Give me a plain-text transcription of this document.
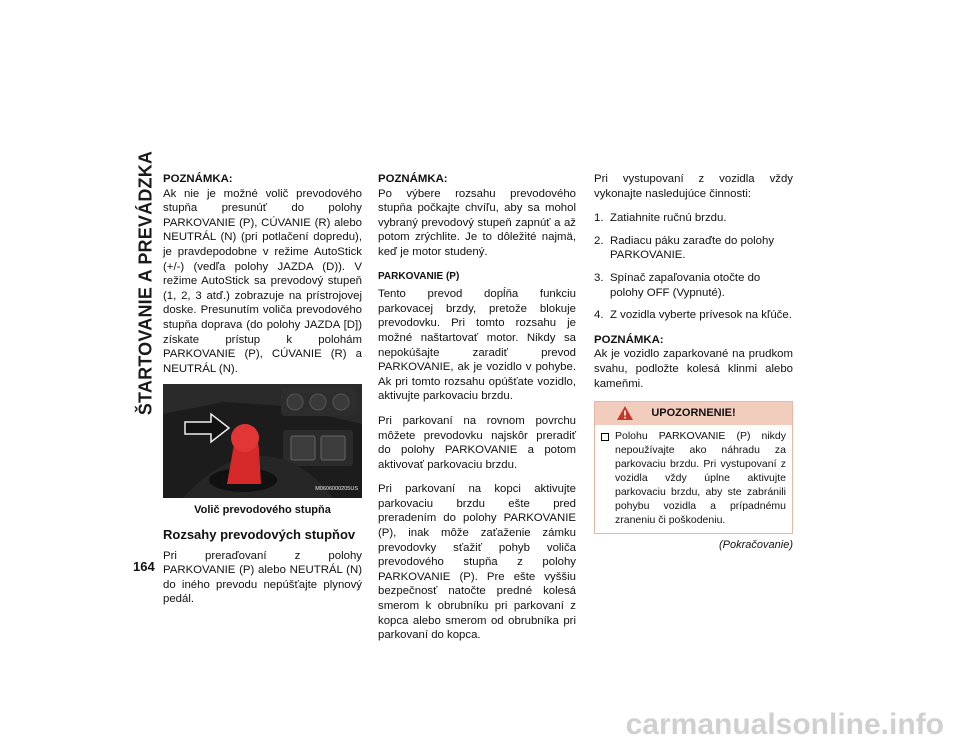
ŠTARTOVANIE A PREVÁDZKA POZNÁMKA:

Ak nie je možné volič prevodového stupňa presunúť do polohy PARKOVANIE (P), CÚVANIE (R) alebo NEUTRÁL (N) (pri potlačení dopredu), je pravdepodobne v režime AutoStick (+/-) (vedľa polohy JAZDA (D)). V režime AutoStick sa prevodový stupeň (1, 2, 3 atď.) zobrazuje na prístrojovej doske. Presunutím voliča prevodového stupňa doprava (do polohy JAZDA [D]) získate prístup k polohám PARKOVANIE (P), CÚVANIE (R) a NEUTRÁL (N).

M0606000205US

Volič prevodového stupňa

Rozsahy prevodových stupňov

Pri preraďovaní z polohy PARKOVANIE (P) alebo NEUTRÁL (N) do iného prevodu nepúšťajte plynový pedál.

POZNÁMKA:

Po výbere rozsahu prevodového stupňa počkajte chvíľu, aby sa mohol vybraný prevodový stupeň zapnúť a až potom zrýchlite. Je to dôležité najmä, keď je motor studený.

PARKOVANIE (P)

Tento prevod dopĺňa funkciu parkovacej brzdy, pretože blokuje prevodovku. Pri tomto rozsahu je možné naštartovať motor. Nikdy sa nepokúšajte zaradiť prevod PARKOVANIE, ak je vozidlo v pohybe. Ak pri tomto rozsahu opúšťate vozidlo, aktivujte parkovaciu brzdu.

Pri parkovaní na rovnom povrchu môžete prevodovku najskôr preradiť do polohy PARKOVANIE a potom aktivovať parkovaciu brzdu.

Pri parkovaní na kopci aktivujte parkovaciu brzdu ešte pred preradením do polohy PARKOVANIE (P), inak môže zaťaženie zámku prevodovky sťažiť pohyb voliča prevodového stupňa z polohy PARKOVANIE (P). Pre ešte vyššiu bezpečnosť natočte predné kolesá smerom k obrubníku pri parkovaní z kopca alebo smerom od obrubníka pri parkovaní do kopca.

Pri vystupovaní z vozidla vždy vykonajte nasledujúce činnosti:

1. Zatiahnite ručnú brzdu.
2. Radiacu páku zaraďte do polohy PARKOVANIE.
3. Spínač zapaľovania otočte do polohy OFF (Vypnuté).
4. Z vozidla vyberte prívesok na kľúče.

POZNÁMKA:

Ak je vozidlo zaparkované na prudkom svahu, podložte kolesá klinmi alebo kameňmi.

UPOZORNENIE!

Polohu PARKOVANIE (P) nikdy nepoužívajte ako náhradu za parkovaciu brzdu. Pri vystupovaní z vozidla vždy úplne aktivujte parkovaciu brzdu, aby ste zabránili pohybu vozidla a prípadnému zraneniu či poškodeniu.

(Pokračovanie)

164
carmanualsonline.info
